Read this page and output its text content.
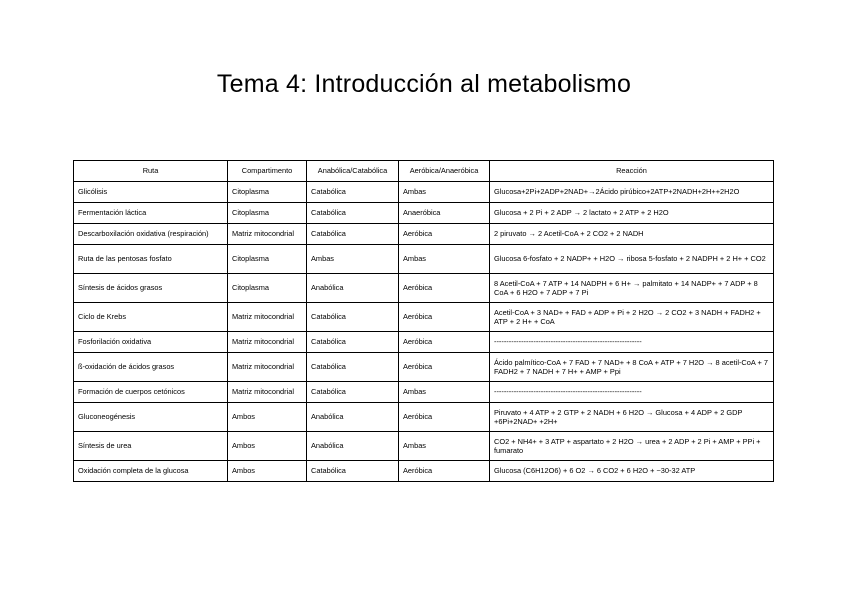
Tema 4: Introducción al metabolismo
Ruta	Compartimento	Anabólica/Catabólica	Aeróbica/Anaeróbica	Reacción
Glicólisis	Citoplasma	Catabólica	Ambas	Glucosa+2Pi+2ADP+2NAD+→2Ácido pirúbico+2ATP+2NADH+2H++2H2O
Fermentación láctica	Citoplasma	Catabólica	Anaeróbica	Glucosa + 2 Pi + 2 ADP → 2 lactato + 2 ATP + 2 H2O
Descarboxilación oxidativa (respiración)	Matriz mitocondrial	Catabólica	Aeróbica	2 piruvato → 2 Acetil-CoA + 2 CO2 + 2 NADH
Ruta de las pentosas fosfato	Citoplasma	Ambas	Ambas	Glucosa 6-fosfato + 2 NADP+ + H2O → ribosa 5-fosfato + 2 NADPH + 2 H+ + CO2
Síntesis de ácidos grasos	Citoplasma	Anabólica	Aeróbica	8 Acetil-CoA + 7 ATP + 14 NADPH + 6 H+ → palmitato + 14 NADP+ + 7 ADP + 8 CoA + 6 H2O + 7 ADP + 7 Pi
Ciclo de Krebs	Matriz mitocondrial	Catabólica	Aeróbica	Acetil-CoA + 3 NAD+ + FAD + ADP + Pi + 2 H2O → 2 CO2 + 3 NADH + FADH2 + ATP + 2 H+ + CoA
Fosforilación oxidativa	Matriz mitocondrial	Catabólica	Aeróbica	------------------------------------------------------------
ß-oxidación de ácidos grasos	Matriz mitocondrial	Catabólica	Aeróbica	Ácido palmítico-CoA + 7 FAD + 7 NAD+ + 8 CoA + ATP + 7 H2O → 8 acetil-CoA + 7 FADH2 + 7 NADH + 7 H+ + AMP + Ppi
Formación de cuerpos cetónicos	Matriz mitocondrial	Catabólica	Ambas	------------------------------------------------------------
Gluconeogénesis	Ambos	Anabólica	Aeróbica	Piruvato + 4 ATP + 2 GTP + 2 NADH + 6 H2O → Glucosa + 4 ADP + 2 GDP +6Pi+2NAD+ +2H+
Síntesis de urea	Ambos	Anabólica	Ambas	CO2 + NH4+ + 3 ATP + aspartato + 2 H2O → urea + 2 ADP + 2 Pi + AMP + PPi + fumarato
Oxidación completa de la glucosa	Ambos	Catabólica	Aeróbica	Glucosa (C6H12O6) + 6 O2 → 6 CO2 + 6 H2O + ~30-32 ATP
